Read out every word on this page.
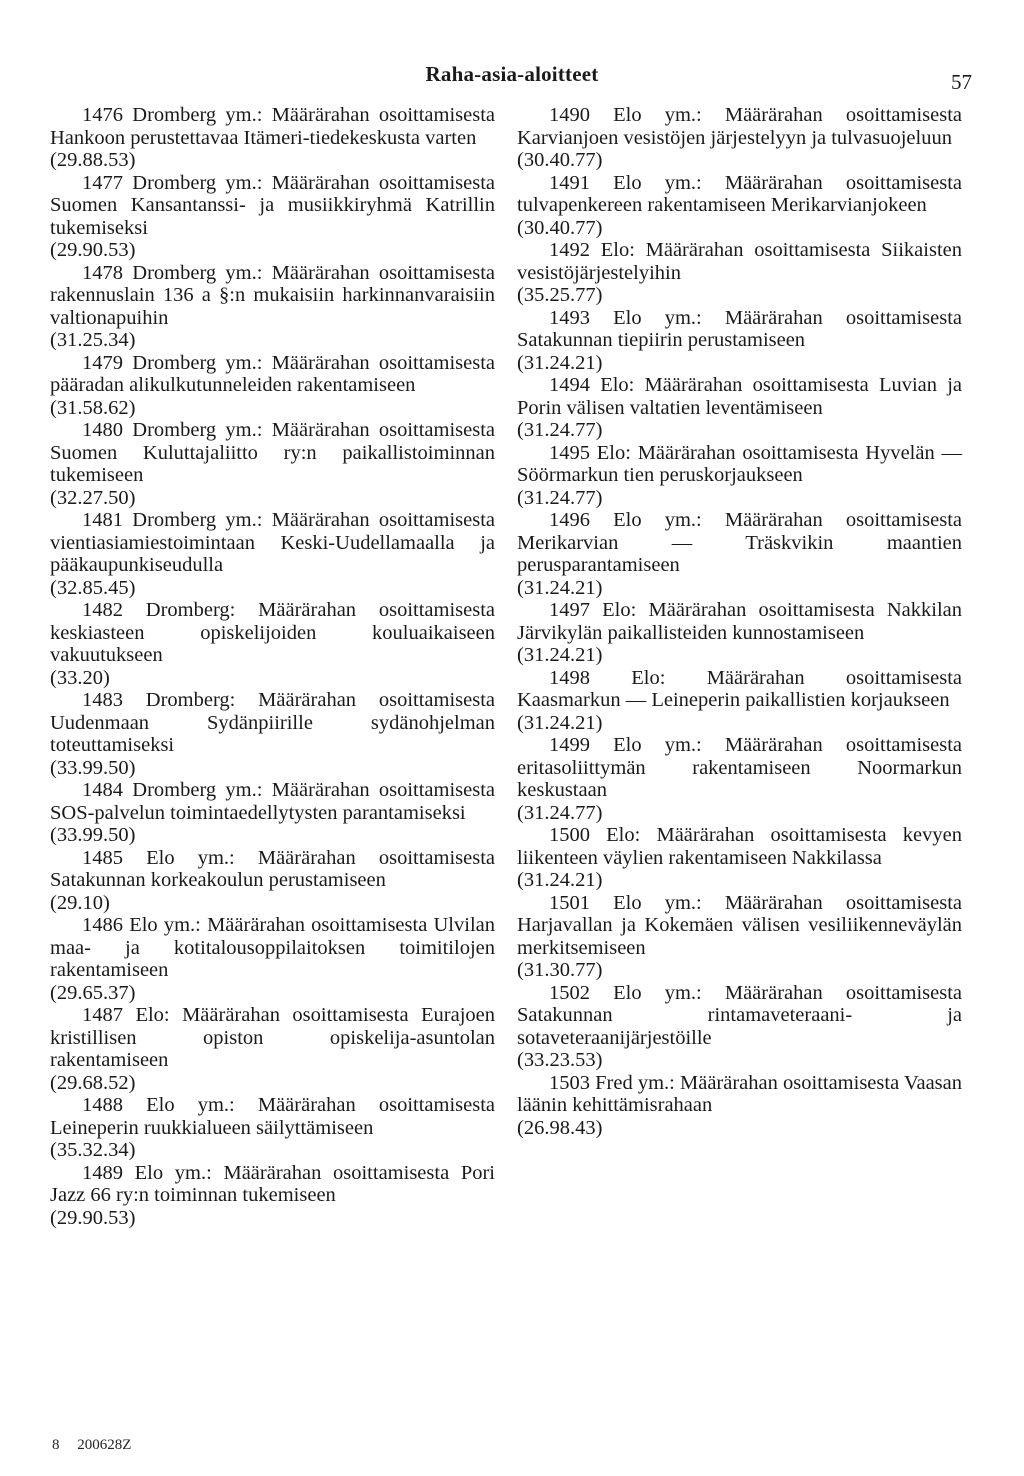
Raha-asia-aloitteet	57
1476 Dromberg ym.: Määrärahan osoittamisesta Hankoon perustettavaa Itämeri-tiedekeskusta varten
(29.88.53)
1477 Dromberg ym.: Määrärahan osoittamisesta Suomen Kansantanssi- ja musiikkiryhmä Katrillin tukemiseksi
(29.90.53)
1478 Dromberg ym.: Määrärahan osoittamisesta rakennuslain 136 a §:n mukaisiin harkinnanvaraisiin valtionapuihin
(31.25.34)
1479 Dromberg ym.: Määrärahan osoittamisesta pääradan alikulkutunneleiden rakentamiseen
(31.58.62)
1480 Dromberg ym.: Määrärahan osoittamisesta Suomen Kuluttajaliitto ry:n paikallistoiminnan tukemiseen
(32.27.50)
1481 Dromberg ym.: Määrärahan osoittamisesta vientiasiamiestoimintaan Keski-Uudellamaalla ja pääkaupunkiseudulla
(32.85.45)
1482 Dromberg: Määrärahan osoittamisesta keskiasteen opiskelijoiden kouluaikaiseen vakuutukseen
(33.20)
1483 Dromberg: Määrärahan osoittamisesta Uudenmaan Sydänpiirille sydänohjelman toteuttamiseksi
(33.99.50)
1484 Dromberg ym.: Määrärahan osoittamisesta SOS-palvelun toimintaedellytysten parantamiseksi
(33.99.50)
1485 Elo ym.: Määrärahan osoittamisesta Satakunnan korkeakoulun perustamiseen
(29.10)
1486 Elo ym.: Määrärahan osoittamisesta Ulvilan maa- ja kotitalousoppilaitoksen toimitilojen rakentamiseen
(29.65.37)
1487 Elo: Määrärahan osoittamisesta Eurajoen kristillisen opiston opiskelija-asuntolan rakentamiseen
(29.68.52)
1488 Elo ym.: Määrärahan osoittamisesta Leineperin ruukkialueen säilyttämiseen
(35.32.34)
1489 Elo ym.: Määrärahan osoittamisesta Pori Jazz 66 ry:n toiminnan tukemiseen
(29.90.53)
1490 Elo ym.: Määrärahan osoittamisesta Karvianjoen vesistöjen järjestelyyn ja tulvasuojeluun
(30.40.77)
1491 Elo ym.: Määrärahan osoittamisesta tulvapenkereen rakentamiseen Merikarvianjokeen
(30.40.77)
1492 Elo: Määrärahan osoittamisesta Siikaisten vesistöjärjestelyihin
(35.25.77)
1493 Elo ym.: Määrärahan osoittamisesta Satakunnan tiepiirin perustamiseen
(31.24.21)
1494 Elo: Määrärahan osoittamisesta Luvian ja Porin välisen valtatien leventämiseen
(31.24.77)
1495 Elo: Määrärahan osoittamisesta Hyvelän — Söörmarkun tien peruskorjaukseen
(31.24.77)
1496 Elo ym.: Määrärahan osoittamisesta Merikarvian — Träskvikin maantien perusparantamiseen
(31.24.21)
1497 Elo: Määrärahan osoittamisesta Nakkilan Järvikylän paikallisteiden kunnostamiseen
(31.24.21)
1498 Elo: Määrärahan osoittamisesta Kaasmarkun — Leineperin paikallistien korjaukseen
(31.24.21)
1499 Elo ym.: Määrärahan osoittamisesta eritasoliittymän rakentamiseen Noormarkun keskustaan
(31.24.77)
1500 Elo: Määrärahan osoittamisesta kevyen liikenteen väylien rakentamiseen Nakkilassa
(31.24.21)
1501 Elo ym.: Määrärahan osoittamisesta Harjavallan ja Kokemäen välisen vesiliikenneväylän merkitsemiseen
(31.30.77)
1502 Elo ym.: Määrärahan osoittamisesta Satakunnan rintamaveteraani- ja sotaveteraanijärjestöille
(33.23.53)
1503 Fred ym.: Määrärahan osoittamisesta Vaasan läänin kehittämisrahaan
(26.98.43)
8 200628Z
